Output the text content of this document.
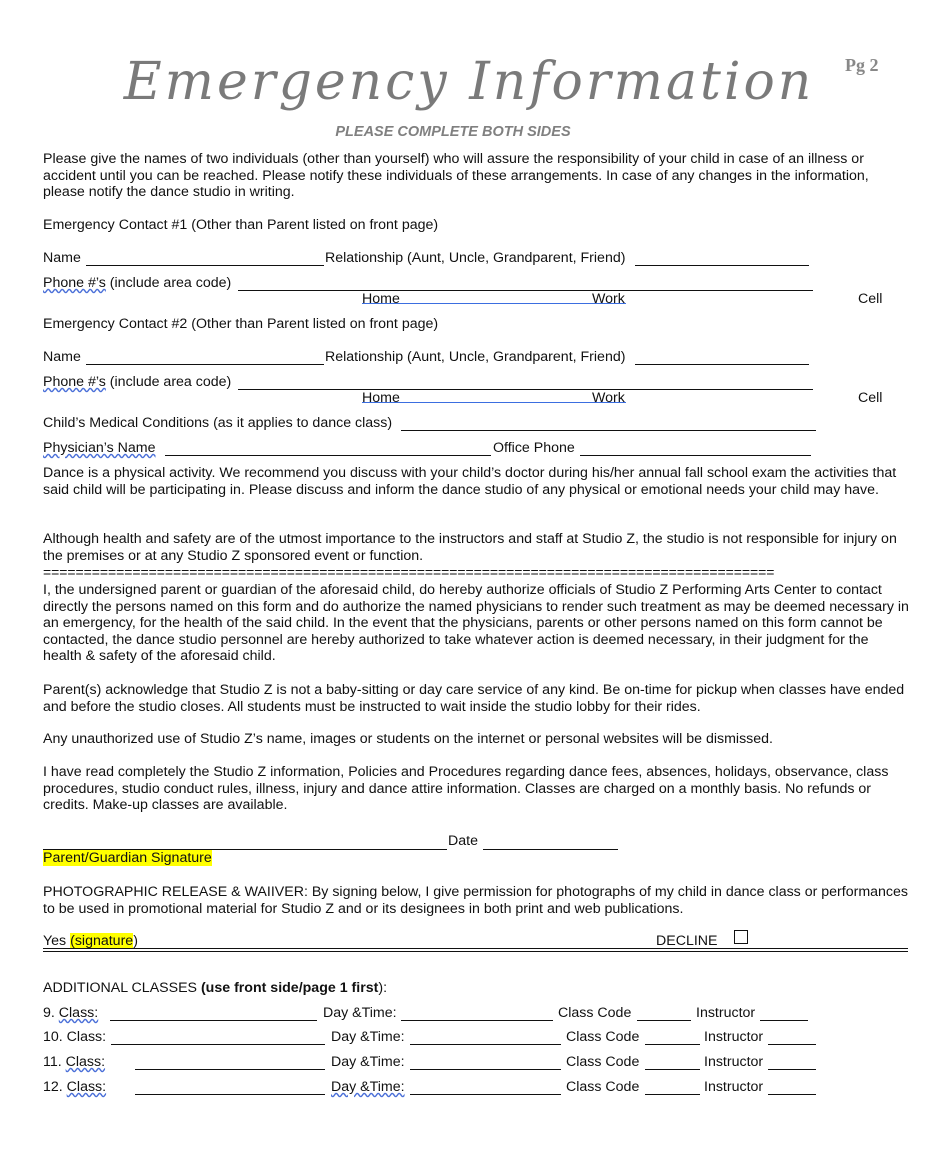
Emergency Information	Pg 2
PLEASE COMPLETE BOTH SIDES
Please give the names of two individuals (other than yourself) who will assure the responsibility of your child in case of an illness or accident until you can be reached. Please notify these individuals of these arrangements. In case of any changes in the information, please notify the dance studio in writing.
Emergency Contact #1 (Other than Parent listed on front page)
Name	Relationship (Aunt, Uncle, Grandparent, Friend)
Phone #’s (include area code)
Home	Work	Cell
Emergency Contact #2 (Other than Parent listed on front page)
Name	Relationship (Aunt, Uncle, Grandparent, Friend)
Phone #’s (include area code)
Home	Work	Cell
Child’s Medical Conditions (as it applies to dance class)
Physician’s Name	Office Phone
Dance is a physical activity. We recommend you discuss with your child’s doctor during his/her annual fall school exam the activities that said child will be participating in. Please discuss and inform the dance studio of any physical or emotional needs your child may have.
Although health and safety are of the utmost importance to the instructors and staff at Studio Z, the studio is not responsible for injury on the premises or at any Studio Z sponsored event or function.
==========================================================================================
I, the undersigned parent or guardian of the aforesaid child, do hereby authorize officials of Studio Z Performing Arts Center to contact directly the persons named on this form and do authorize the named physicians to render such treatment as may be deemed necessary in an emergency, for the health of the said child. In the event that the physicians, parents or other persons named on this form cannot be contacted, the dance studio personnel are hereby authorized to take whatever action is deemed necessary, in their judgment for the health & safety of the aforesaid child.
Parent(s) acknowledge that Studio Z is not a baby-sitting or day care service of any kind. Be on-time for pickup when classes have ended and before the studio closes. All students must be instructed to wait inside the studio lobby for their rides.
Any unauthorized use of Studio Z’s name, images or students on the internet or personal websites will be dismissed.
I have read completely the Studio Z information, Policies and Procedures regarding dance fees, absences, holidays, observance, class procedures, studio conduct rules, illness, injury and dance attire information. Classes are charged on a monthly basis. No refunds or credits. Make-up classes are available.
Date
Parent/Guardian Signature
PHOTOGRAPHIC RELEASE & WAIIVER: By signing below, I give permission for photographs of my child in dance class or performances to be used in promotional material for Studio Z and or its designees in both print and web publications.
Yes (signature)	DECLINE
ADDITIONAL CLASSES (use front side/page 1 first):
9. Class:	Day &Time:	Class Code	Instructor
10. Class:	Day &Time:	Class Code	Instructor
11. Class:	Day &Time:	Class Code	Instructor
12. Class:	Day &Time:	Class Code	Instructor
